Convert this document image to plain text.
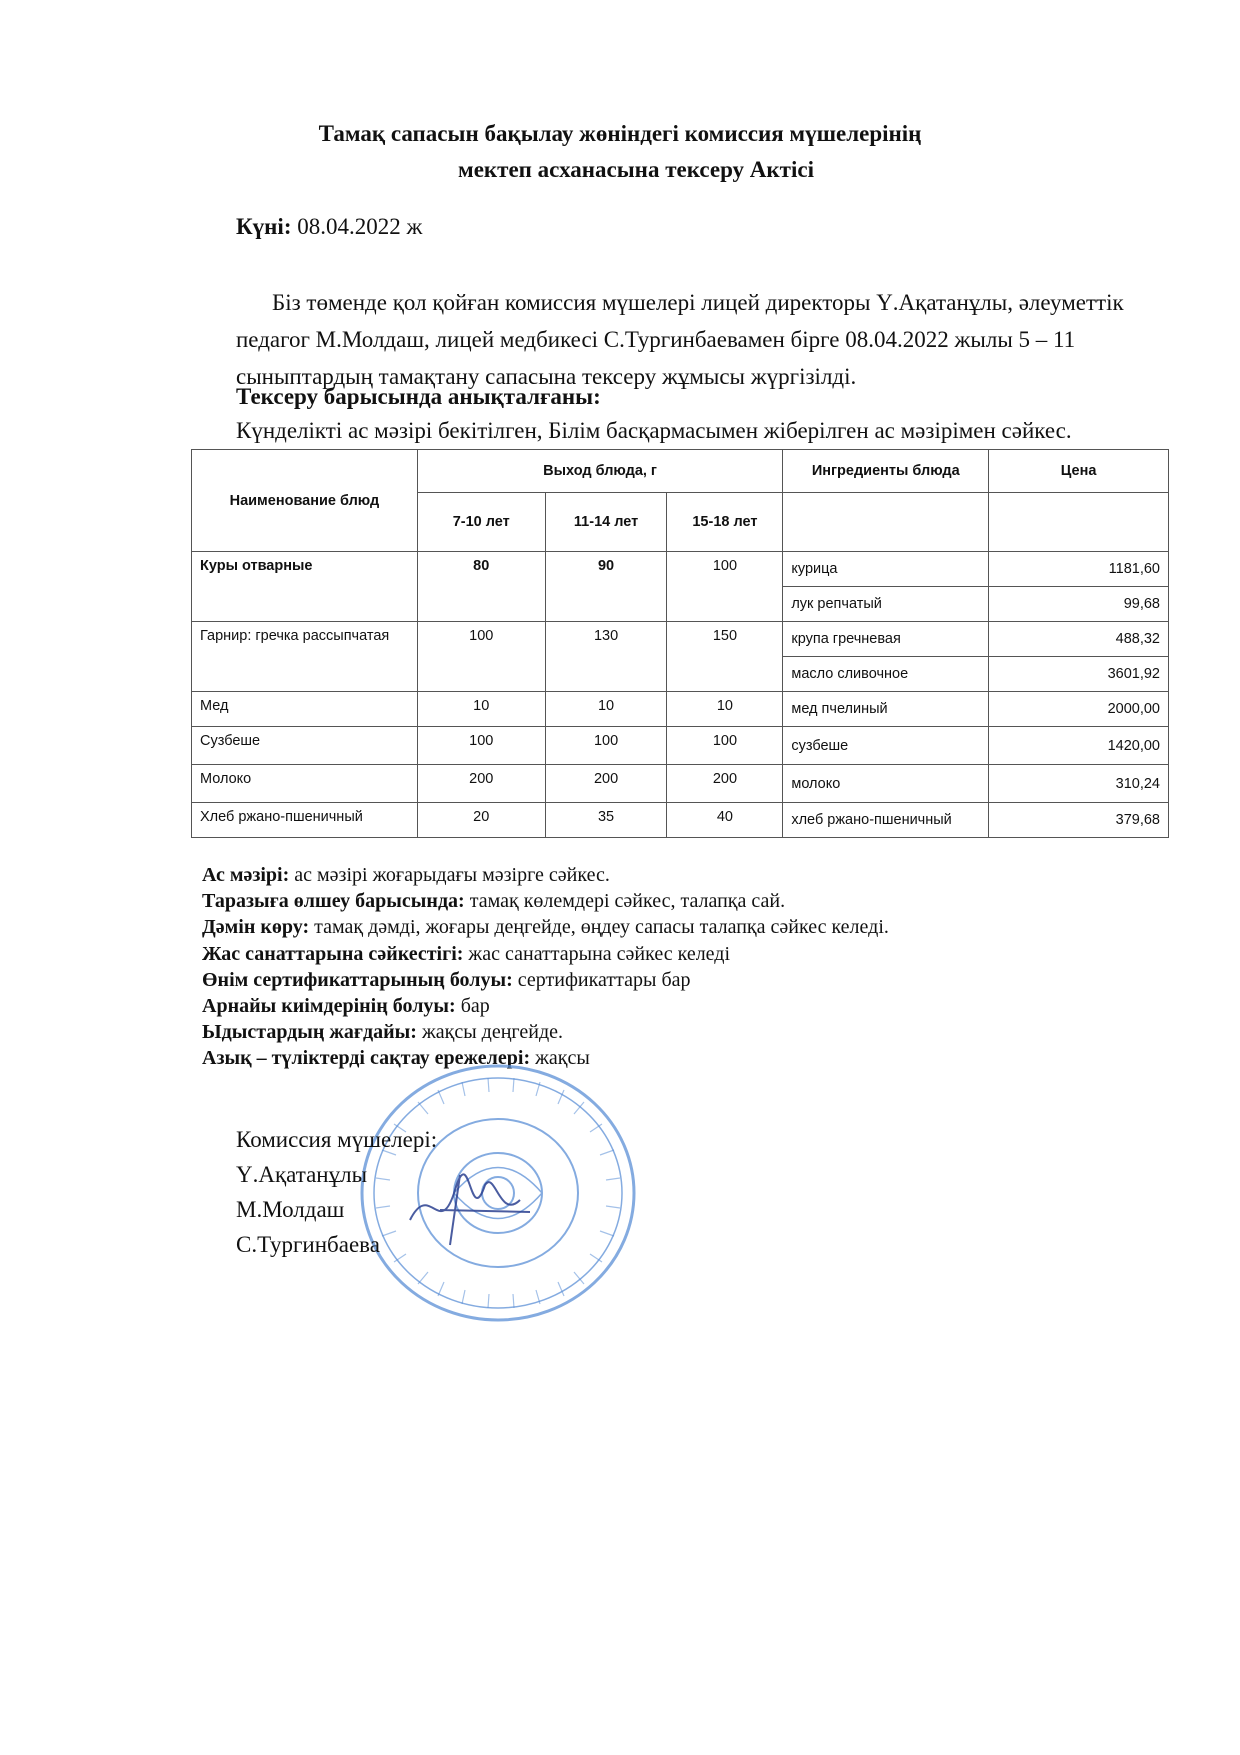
Тамақ сапасын бақылау жөніндегі комиссия мүшелерінің
мектеп асханасына тексеру Актісі
Күні: 08.04.2022 ж
Біз төменде қол қойған комиссия мүшелері лицей директоры Ү.Ақатанұлы, әлеуметтік
педагог М.Молдаш, лицей медбикесі С.Тургинбаевамен бірге 08.04.2022 жылы 5 – 11
сыныптардың тамақтану сапасына тексеру жұмысы жүргізілді.
Тексеру барысында анықталғаны:
Күнделікті ас мәзірі бекітілген, Білім басқармасымен жіберілген ас мәзірімен сәйкес.
Наименование блюд	Выход блюда, г			Ингредиенты блюда	Цена
	7-10 лет	11-14 лет	15-18 лет		
Куры отварные	80	90	100	курица	1181,60
				лук репчатый	99,68
Гарнир: гречка рассыпчатая	100	130	150	крупа гречневая	488,32
				масло сливочное	3601,92
Мед	10	10	10	мед пчелиный	2000,00
Сузбеше	100	100	100	сузбеше	1420,00
Молоко	200	200	200	молоко	310,24
Хлеб ржано-пшеничный	20	35	40	хлеб ржано-пшеничный	379,68
Ас мәзірі: ас мәзірі жоғарыдағы мәзірге сәйкес.
Таразыға өлшеу барысында: тамақ көлемдері сәйкес, талапқа сай.
Дәмін көру: тамақ дәмді, жоғары деңгейде, өңдеу сапасы талапқа сәйкес келеді.
Жас санаттарына сәйкестігі: жас санаттарына сәйкес келеді
Өнім сертификаттарының болуы: сертификаттары бар
Арнайы киімдерінің болуы: бар
Ыдыстардың жағдайы: жақсы деңгейде.
Азық – түліктерді сақтау ережелері: жақсы
Комиссия мүшелері:
Ү.Ақатанұлы
М.Молдаш
С.Тургинбаева
